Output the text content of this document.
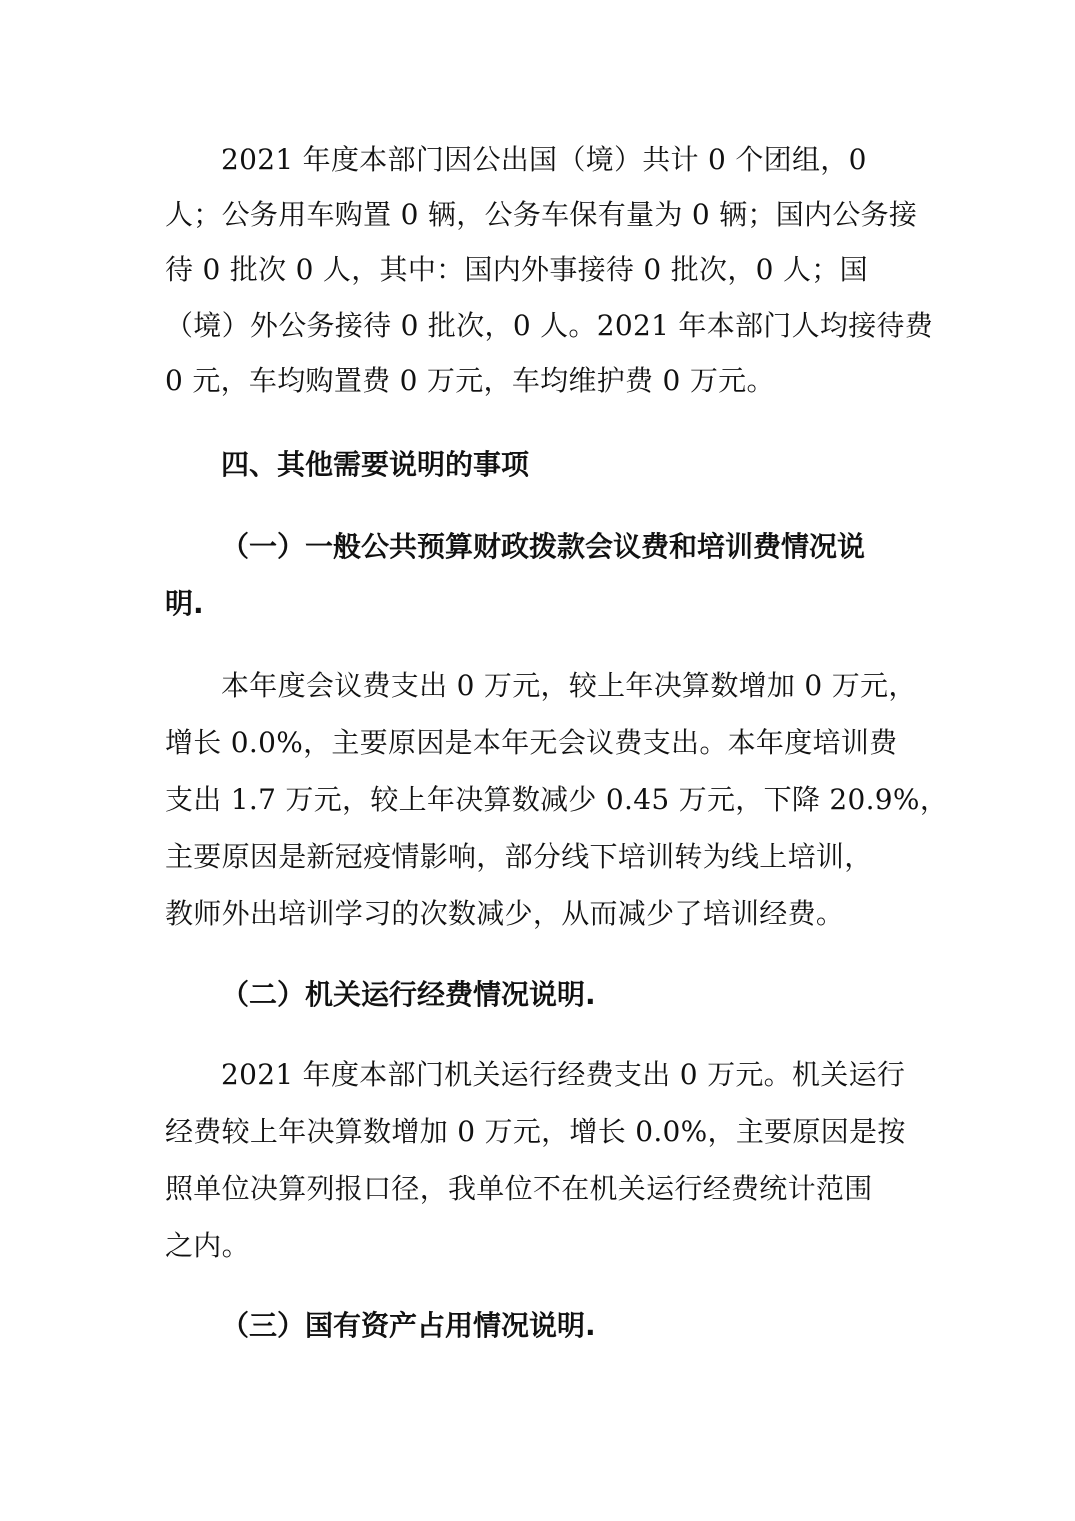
2021 年度本部门因公出国（境）共计 0 个团组，0
人；公务用车购置 0 辆，公务车保有量为 0 辆；国内公务接
待 0 批次 0 人，其中：国内外事接待 0 批次，0 人；国
（境）外公务接待 0 批次，0 人。2021 年本部门人均接待费
0 元，车均购置费 0 万元，车均维护费 0 万元。
四、其他需要说明的事项
（一）一般公共预算财政拨款会议费和培训费情况说
明.
本年度会议费支出 0 万元，较上年决算数增加 0 万元，
增长 0.0%，主要原因是本年无会议费支出。本年度培训费
支出 1.7 万元，较上年决算数减少 0.45 万元，下降 20.9%，
主要原因是新冠疫情影响，部分线下培训转为线上培训，
教师外出培训学习的次数减少，从而减少了培训经费。
（二）机关运行经费情况说明.
2021 年度本部门机关运行经费支出 0 万元。机关运行
经费较上年决算数增加 0 万元，增长 0.0%，主要原因是按
照单位决算列报口径，我单位不在机关运行经费统计范围
之内。
（三）国有资产占用情况说明.
